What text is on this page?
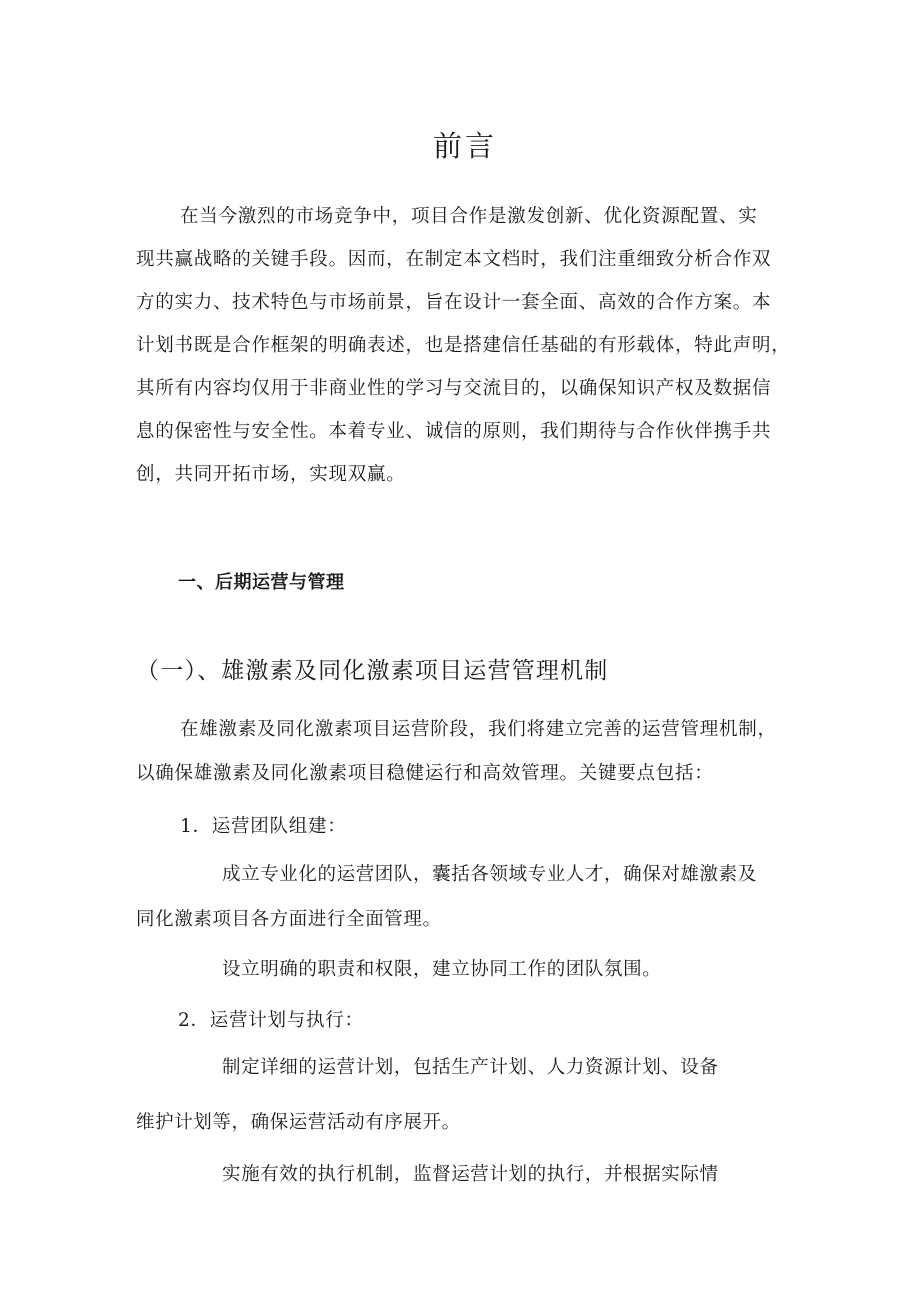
前言

在当今激烈的市场竞争中，项目合作是激发创新、优化资源配置、实

现共赢战略的关键手段。因而，在制定本文档时，我们注重细致分析合作双

方的实力、技术特色与市场前景，旨在设计一套全面、高效的合作方案。本

计划书既是合作框架的明确表述，也是搭建信任基础的有形载体，特此声明，

其所有内容均仅用于非商业性的学习与交流目的，以确保知识产权及数据信

息的保密性与安全性。本着专业、诚信的原则，我们期待与合作伙伴携手共

创，共同开拓市场，实现双赢。

一、后期运营与管理
（一）、雄激素及同化激素项目运营管理机制

在雄激素及同化激素项目运营阶段，我们将建立完善的运营管理机制，

以确保雄激素及同化激素项目稳健运行和高效管理。关键要点包括：

1．运营团队组建：

成立专业化的运营团队，囊括各领域专业人才，确保对雄激素及

同化激素项目各方面进行全面管理。

设立明确的职责和权限，建立协同工作的团队氛围。

2．运营计划与执行：

制定详细的运营计划，包括生产计划、人力资源计划、设备

维护计划等，确保运营活动有序展开。

实施有效的执行机制，监督运营计划的执行，并根据实际情
